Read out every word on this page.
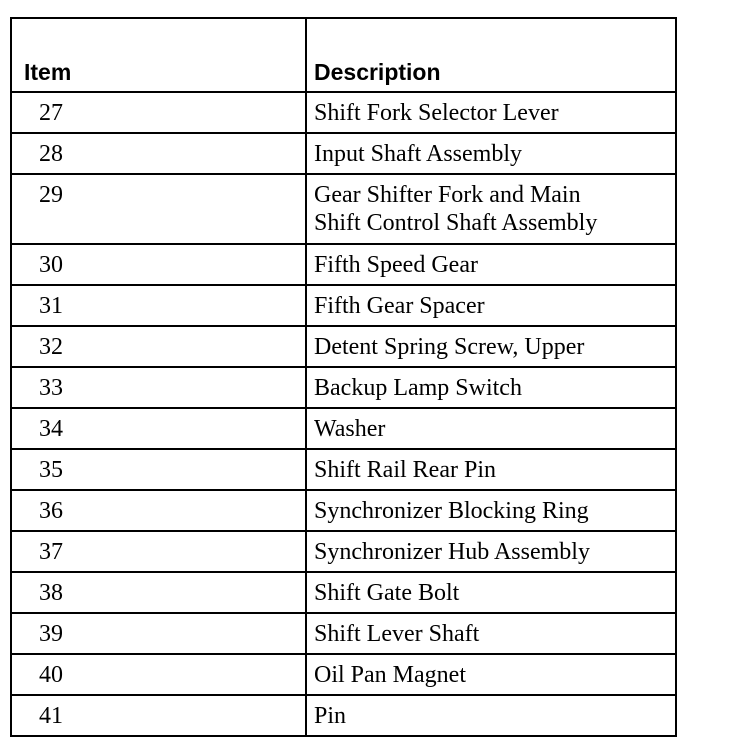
Item	Description
27	Shift Fork Selector Lever
28	Input Shaft Assembly
29	Gear Shifter Fork and Main
Shift Control Shaft Assembly

30	Fifth Speed Gear
31	Fifth Gear Spacer
32	Detent Spring Screw, Upper
33	Backup Lamp Switch
34	Washer
35	Shift Rail Rear Pin
36	Synchronizer Blocking Ring
37	Synchronizer Hub Assembly
38	Shift Gate Bolt
39	Shift Lever Shaft
40	Oil Pan Magnet
41	Pin
